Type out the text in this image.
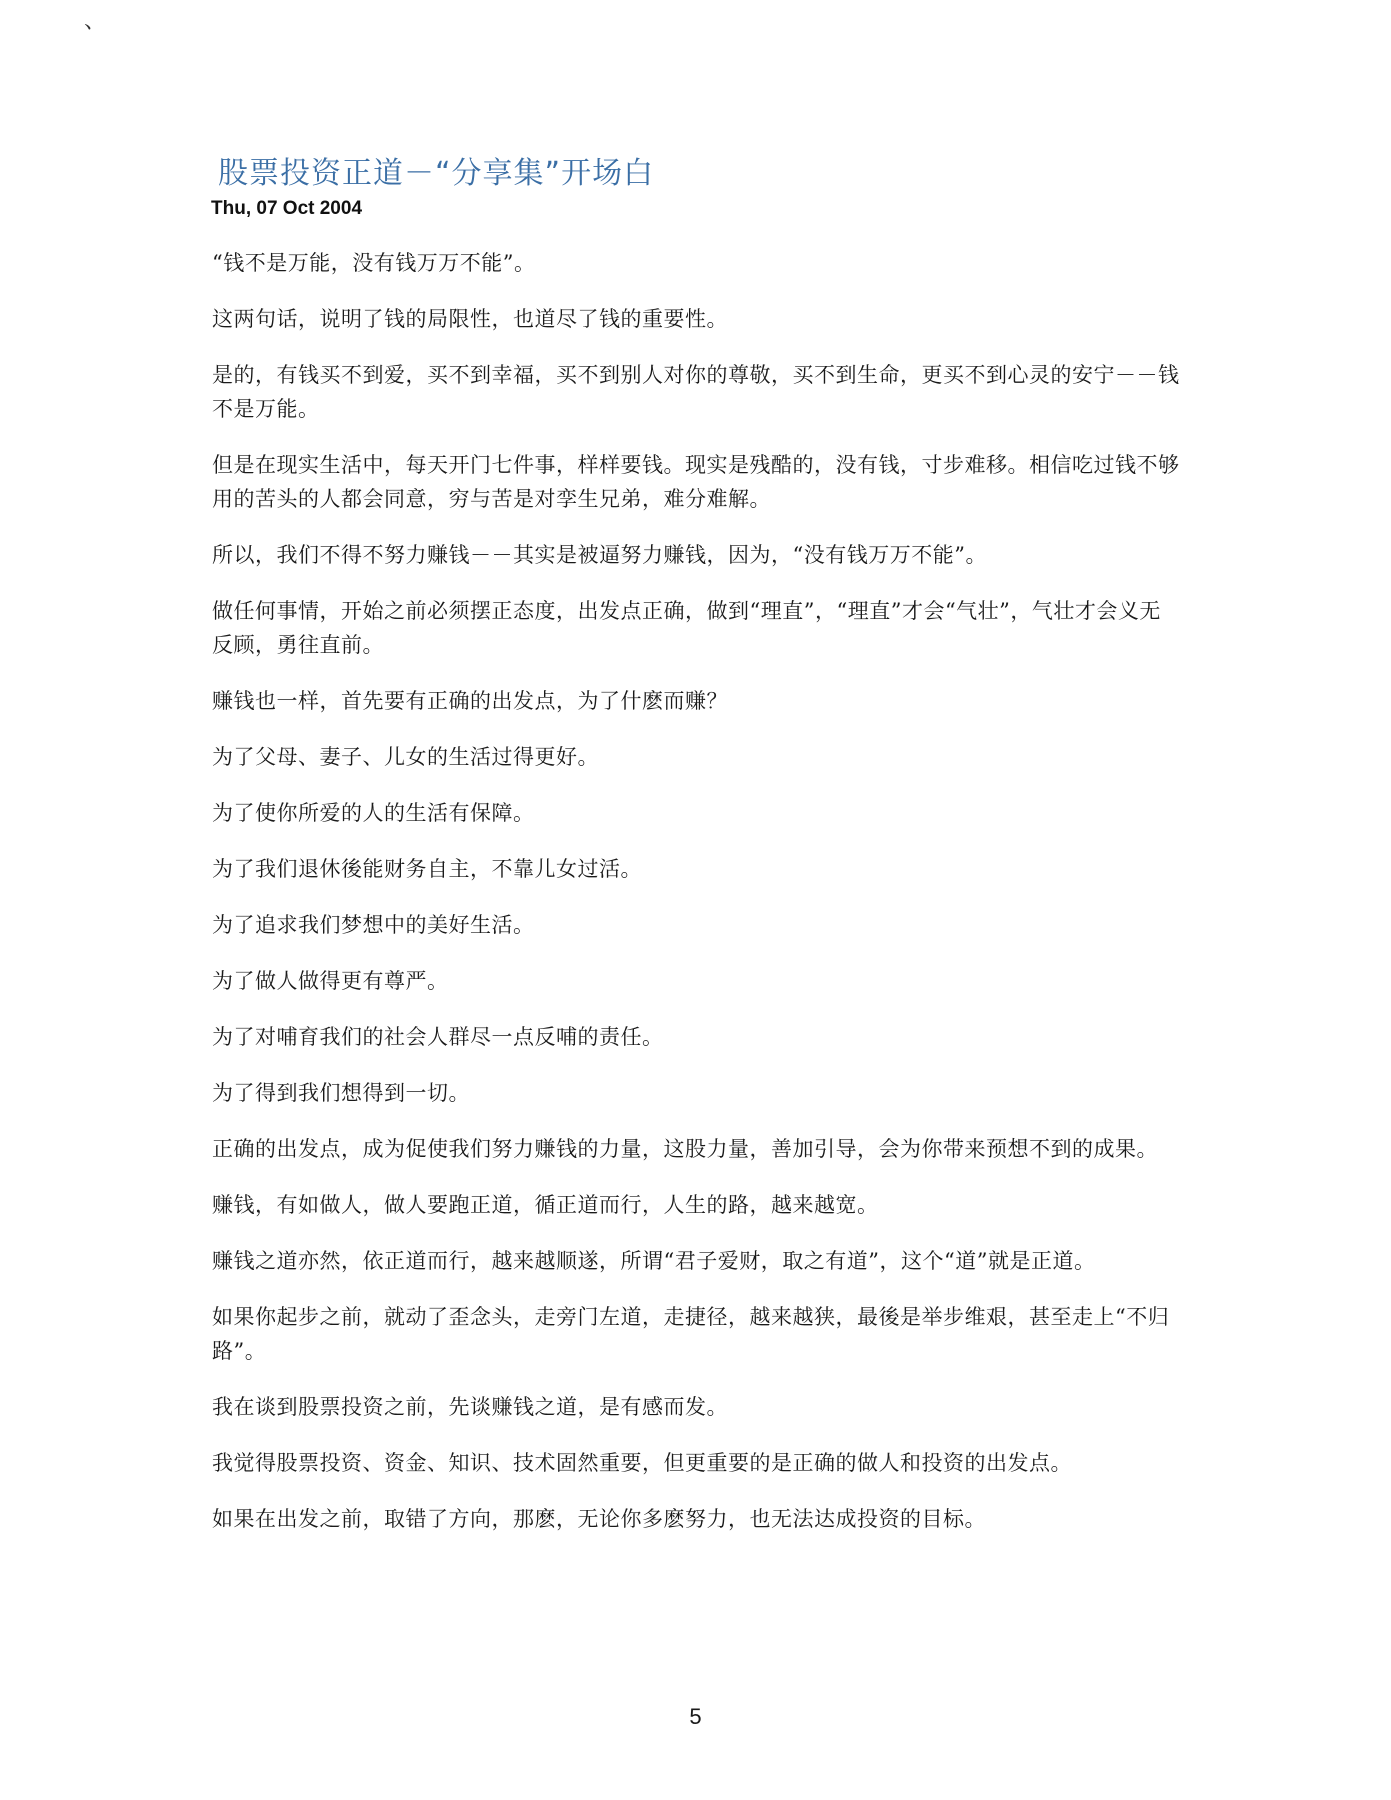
、
股票投资正道－“分享集”开场白
Thu, 07 Oct 2004

“钱不是万能，没有钱万万不能”。

这两句话，说明了钱的局限性，也道尽了钱的重要性。

是的，有钱买不到爱，买不到幸福，买不到别人对你的尊敬，买不到生命，更买不到心灵的安宁－－钱不是万能。

但是在现实生活中，每天开门七件事，样样要钱。现实是残酷的，没有钱，寸步难移。相信吃过钱不够用的苦头的人都会同意，穷与苦是对孪生兄弟，难分难解。

所以，我们不得不努力赚钱－－其实是被逼努力赚钱，因为，“没有钱万万不能”。

做任何事情，开始之前必须摆正态度，出发点正确，做到“理直”，“理直”才会“气壮”，气壮才会义无反顾，勇往直前。

赚钱也一样，首先要有正确的出发点，为了什麽而赚？

为了父母、妻子、儿女的生活过得更好。

为了使你所爱的人的生活有保障。

为了我们退休後能财务自主，不靠儿女过活。

为了追求我们梦想中的美好生活。

为了做人做得更有尊严。

为了对哺育我们的社会人群尽一点反哺的责任。

为了得到我们想得到一切。

正确的出发点，成为促使我们努力赚钱的力量，这股力量，善加引导，会为你带来预想不到的成果。

赚钱，有如做人，做人要跑正道，循正道而行，人生的路，越来越宽。

赚钱之道亦然，依正道而行，越来越顺遂，所谓“君子爱财，取之有道”，这个“道”就是正道。

如果你起步之前，就动了歪念头，走旁门左道，走捷径，越来越狭，最後是举步维艰，甚至走上“不归路”。

我在谈到股票投资之前，先谈赚钱之道，是有感而发。

我觉得股票投资、资金、知识、技术固然重要，但更重要的是正确的做人和投资的出发点。

如果在出发之前，取错了方向，那麽，无论你多麽努力，也无法达成投资的目标。

5
